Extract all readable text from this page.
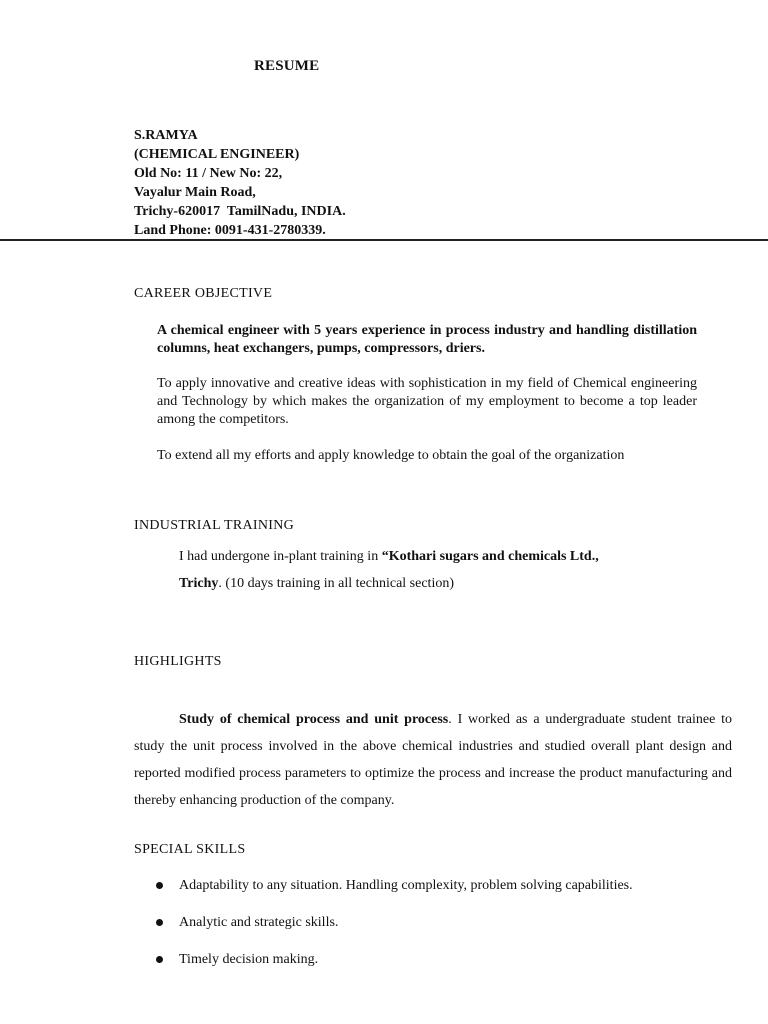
RESUME
S.RAMYA
(CHEMICAL ENGINEER)
Old No: 11 / New No: 22,
Vayalur Main Road,
Trichy-620017  TamilNadu, INDIA.
Land Phone: 0091-431-2780339.
CAREER OBJECTIVE
A chemical engineer with 5 years experience in process industry and handling distillation columns, heat exchangers, pumps, compressors, driers.
To apply innovative and creative ideas with sophistication in my field of Chemical engineering and Technology by which makes the organization of my employment to become a top leader among the competitors.
To extend all my efforts and apply knowledge to obtain the goal of the organization
INDUSTRIAL TRAINING
I had undergone in-plant training in “Kothari sugars and chemicals Ltd.,
Trichy. (10 days training in all technical section)
HIGHLIGHTS
Study of chemical process and unit process. I worked as a undergraduate student trainee to study the unit process involved in the above chemical industries and studied overall plant design and reported modified process parameters to optimize the process and increase the product manufacturing and thereby enhancing production of the company.
SPECIAL SKILLS
Adaptability to any situation. Handling complexity, problem solving capabilities.
Analytic and strategic skills.
Timely decision making.
